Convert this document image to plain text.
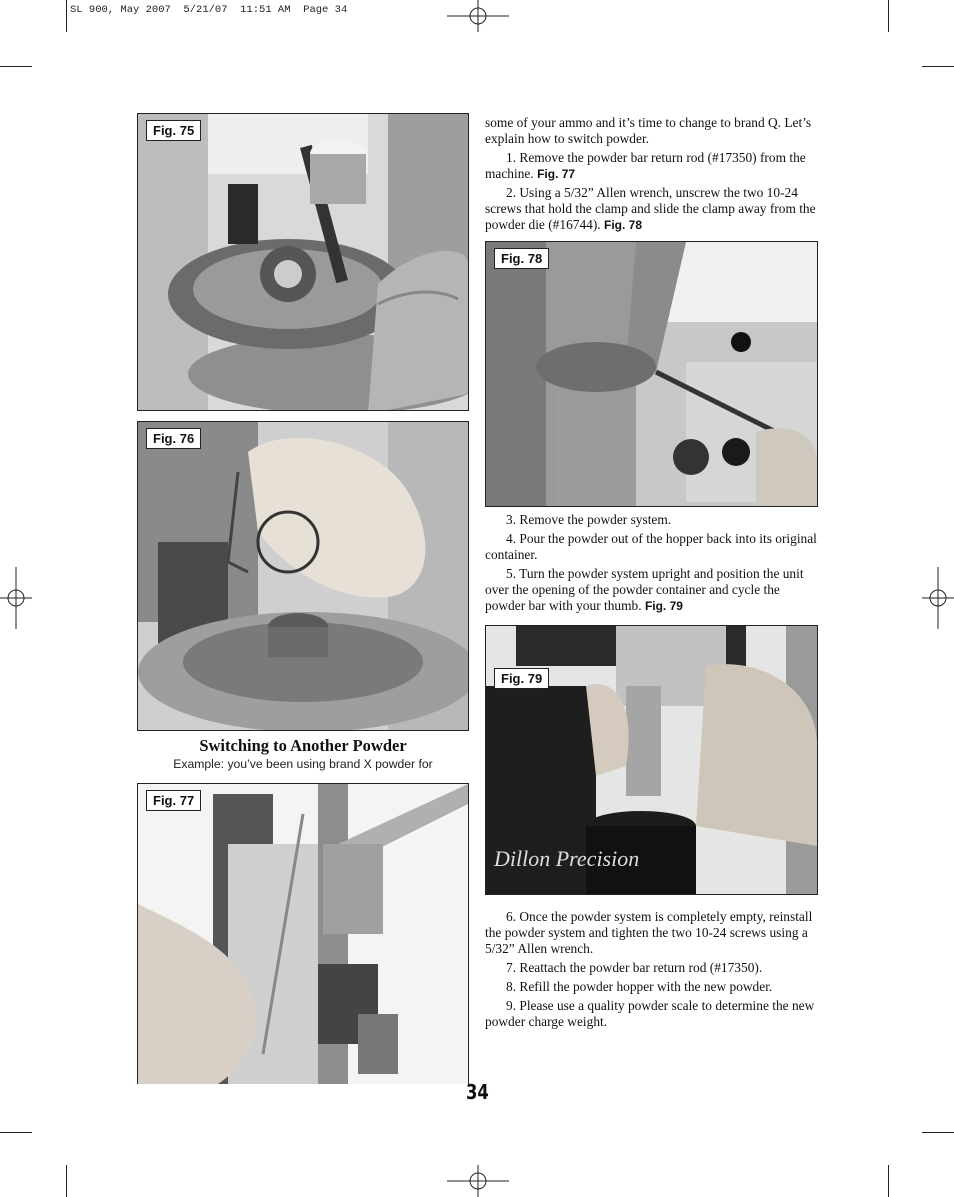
SL 900, May 2007  5/21/07  11:51 AM  Page 34
Fig. 75
Fig. 76
Switching to Another Powder
Example: you’ve been using brand X powder for
Fig. 77

some of your ammo and it’s time to change to brand Q. Let’s explain how to switch powder.

1. Remove the powder bar return rod (#17350) from the machine. Fig. 77

2. Using a 5/32” Allen wrench, unscrew the two 10-24 screws that hold the clamp and slide the clamp away from the powder die (#16744). Fig. 78

Fig. 78

3. Remove the powder system.

4. Pour the powder out of the hopper back into its original container.

5. Turn the powder system upright and position the unit over the opening of the powder container and cycle the powder bar with your thumb. Fig. 79

Dillon Precision
Fig. 79

6. Once the powder system is completely empty, reinstall the powder system and tighten the two 10-24 screws using a 5/32” Allen wrench.

7. Reattach the powder bar return rod (#17350).

8. Refill the powder hopper with the new powder.

9. Please use a quality powder scale to determine the new powder charge weight.

34
